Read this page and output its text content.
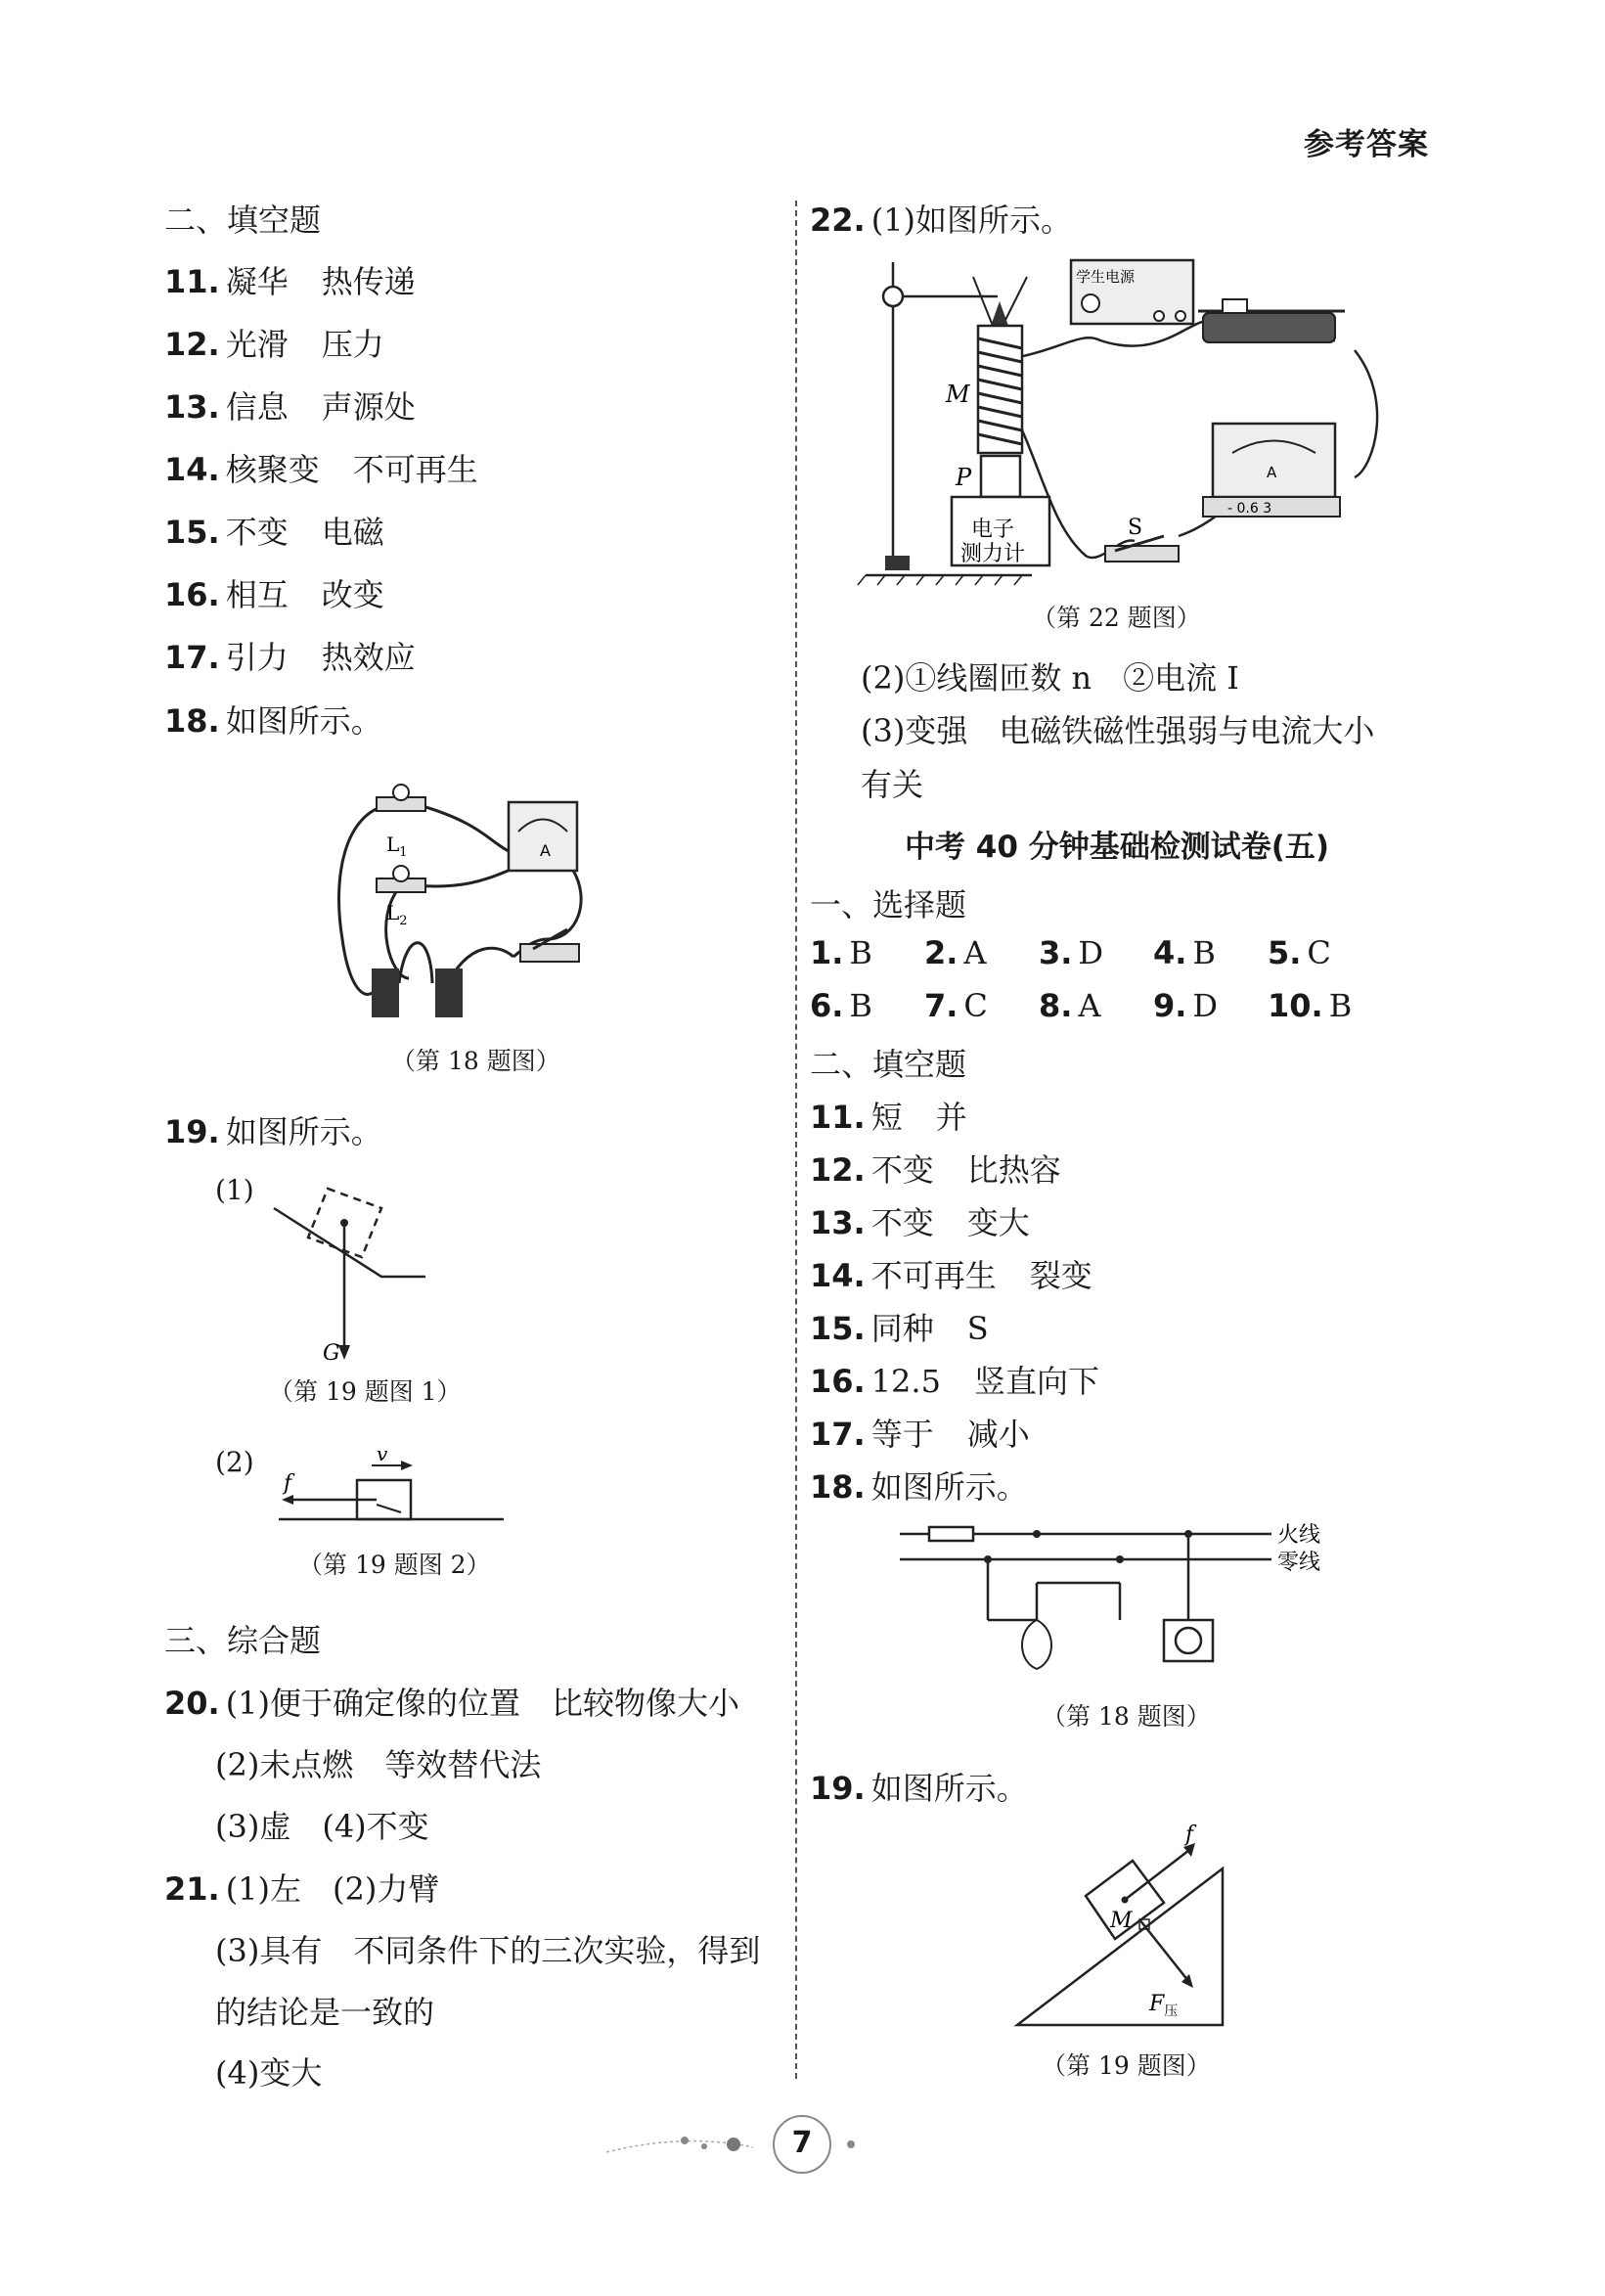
参考答案
二、填空题
11. 凝华 热传递
12. 光滑 压力
13. 信息 声源处
14. 核聚变 不可再生
15. 不变 电磁
16. 相互 改变
17. 引力 热效应
18. 如图所示。
$L_1$
$L_2$
A
（第 18 题图）
19. 如图所示。
(1)
G
（第 19 题图 1）
(2)
f
v
（第 19 题图 2）
三、综合题
20. (1)便于确定像的位置　比较物像大小
(2)未点燃　等效替代法
(3)虚　(4)不变
21. (1)左　(2)力臂
(3)具有　不同条件下的三次实验，得到
的结论是一致的
(4)变大
22. (1)如图所示。
学生电源
M
P
S
电子
测力计
A
- 0.6 3
（第 22 题图）
(2)①线圈匝数 n　②电流 I
(3)变强　电磁铁磁性强弱与电流大小
有关
中考 40 分钟基础检测试卷(五)
一、选择题
1. B 2. A 3. D 4. B 5. C
6. B 7. C 8. A 9. D 10. B
二、填空题
11. 短 并
12. 不变 比热容
13. 不变 变大
14. 不可再生 裂变
15. 同种 S
16. 12.5 竖直向下
17. 等于 减小
18. 如图所示。
火线
零线
（第 18 题图）
19. 如图所示。
f
M
$F_压$
（第 19 题图）
7
